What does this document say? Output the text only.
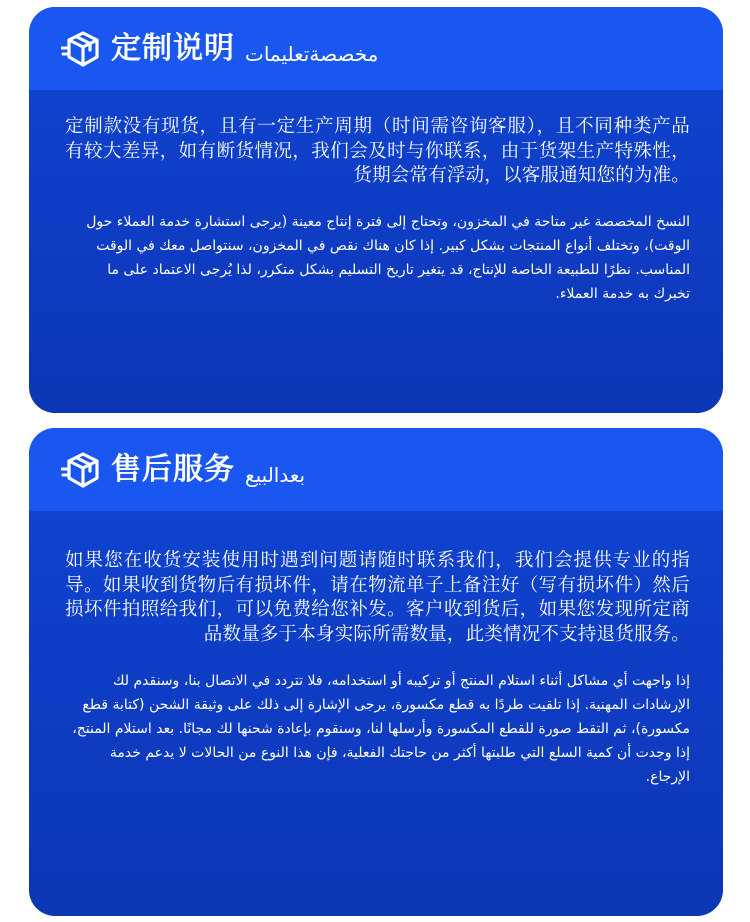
定制说明 مخصصةتعليمات
定制款没有现货，且有一定生产周期（时间需咨询客服），且不同种类产品有较大差异，如有断货情况，我们会及时与你联系，由于货架生产特殊性，货期会常有浮动，以客服通知您的为准。
النسخ المخصصة غير متاحة في المخزون، وتحتاج إلى فترة إنتاج معينة (يرجى استشارة خدمة العملاء حول الوقت)، وتختلف أنواع المنتجات بشكل كبير. إذا كان هناك نقص في المخزون، سنتواصل معك في الوقت المناسب. نظرًا للطبيعة الخاصة للإنتاج، قد يتغير تاريخ التسليم بشكل متكرر، لذا يُرجى الاعتماد على ما تخبرك به خدمة العملاء.
售后服务 بعدالبيع
如果您在收货安装使用时遇到问题请随时联系我们，我们会提供专业的指导。如果收到货物后有损坏件，请在物流单子上备注好（写有损坏件）然后损坏件拍照给我们，可以免费给您补发。客户收到货后，如果您发现所定商品数量多于本身实际所需数量，此类情况不支持退货服务。
إذا واجهت أي مشاكل أثناء استلام المنتج أو تركيبه أو استخدامه، فلا تتردد في الاتصال بنا، وسنقدم لك الإرشادات المهنية. إذا تلقيت طردًا به قطع مكسورة، يرجى الإشارة إلى ذلك على وثيقة الشحن (كتابة قطع مكسورة)، ثم التقط صورة للقطع المكسورة وأرسلها لنا، وسنقوم بإعادة شحنها لك مجانًا. بعد استلام المنتج، إذا وجدت أن كمية السلع التي طلبتها أكثر من حاجتك الفعلية، فإن هذا النوع من الحالات لا يدعم خدمة الإرجاع.
